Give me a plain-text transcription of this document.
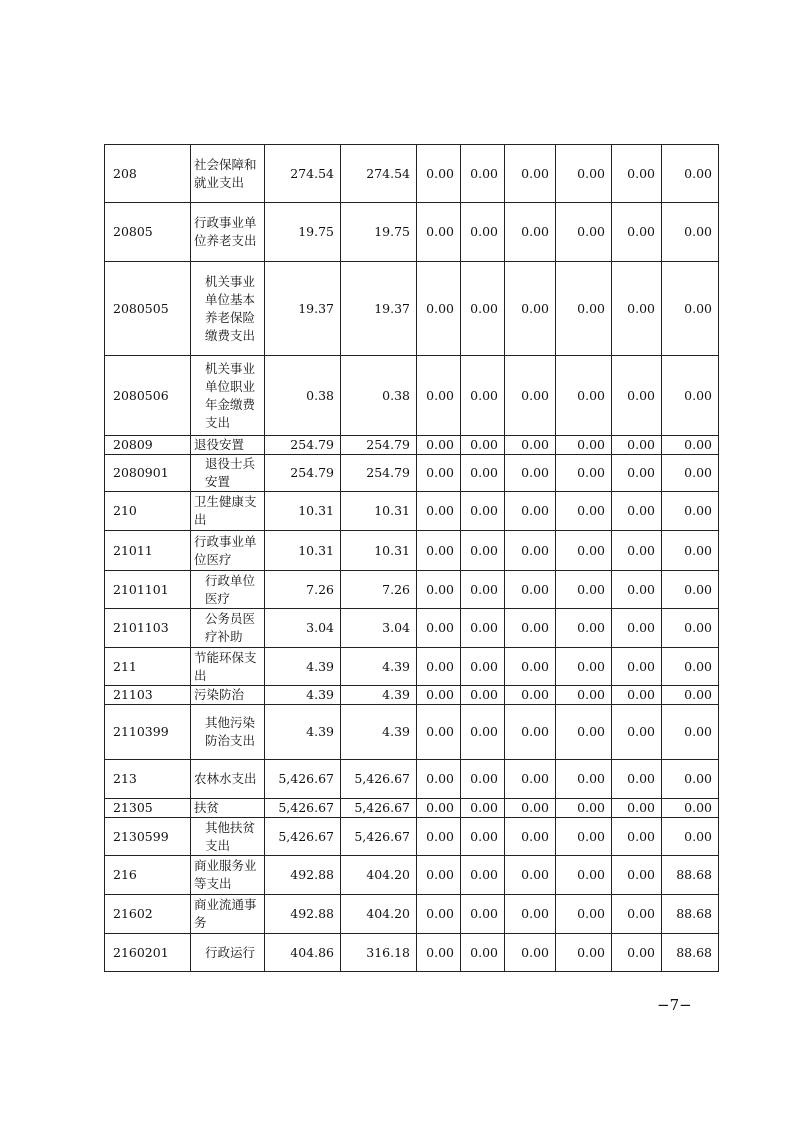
208	社会保障和就业支出	274.54	274.54	0.00	0.00	0.00	0.00	0.00	0.00
20805	行政事业单位养老支出	19.75	19.75	0.00	0.00	0.00	0.00	0.00	0.00
2080505	机关事业单位基本养老保险缴费支出	19.37	19.37	0.00	0.00	0.00	0.00	0.00	0.00
2080506	机关事业单位职业年金缴费支出	0.38	0.38	0.00	0.00	0.00	0.00	0.00	0.00
20809	退役安置	254.79	254.79	0.00	0.00	0.00	0.00	0.00	0.00
2080901	退役士兵安置	254.79	254.79	0.00	0.00	0.00	0.00	0.00	0.00
210	卫生健康支出	10.31	10.31	0.00	0.00	0.00	0.00	0.00	0.00
21011	行政事业单位医疗	10.31	10.31	0.00	0.00	0.00	0.00	0.00	0.00
2101101	行政单位医疗	7.26	7.26	0.00	0.00	0.00	0.00	0.00	0.00
2101103	公务员医疗补助	3.04	3.04	0.00	0.00	0.00	0.00	0.00	0.00
211	节能环保支出	4.39	4.39	0.00	0.00	0.00	0.00	0.00	0.00
21103	污染防治	4.39	4.39	0.00	0.00	0.00	0.00	0.00	0.00
2110399	其他污染防治支出	4.39	4.39	0.00	0.00	0.00	0.00	0.00	0.00
213	农林水支出	5,426.67	5,426.67	0.00	0.00	0.00	0.00	0.00	0.00
21305	扶贫	5,426.67	5,426.67	0.00	0.00	0.00	0.00	0.00	0.00
2130599	其他扶贫支出	5,426.67	5,426.67	0.00	0.00	0.00	0.00	0.00	0.00
216	商业服务业等支出	492.88	404.20	0.00	0.00	0.00	0.00	0.00	88.68
21602	商业流通事务	492.88	404.20	0.00	0.00	0.00	0.00	0.00	88.68
2160201	行政运行	404.86	316.18	0.00	0.00	0.00	0.00	0.00	88.68
−7−
